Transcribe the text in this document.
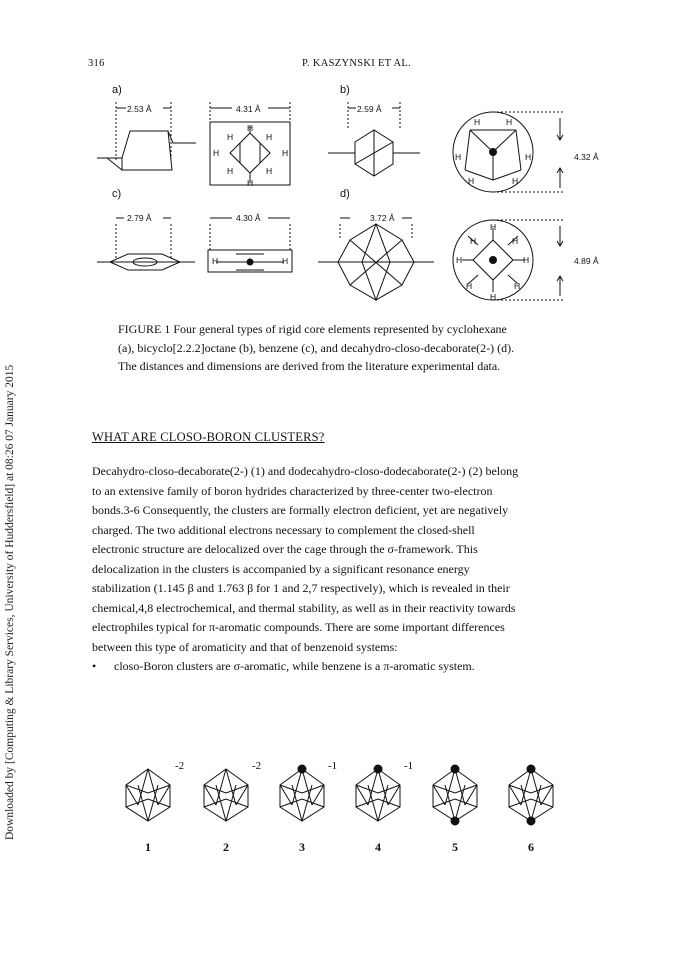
316	P. KASZYNSKI ET AL.
Downloaded by [Computing & Library Services, University of Huddersfield] at 08:26 07 January 2015
a)	b)
c)	d)
2.53 Å	4.31 Å	2.59 Å
4.32 Å
2.79 Å	4.30 Å	3.72 Å
4.89 Å
H
H	H
H	H
H	H
H
H	H
H	H
H	H
H	H
H
H	H
H	H
H	H
H
FIGURE 1 Four general types of rigid core elements represented by cyclohexane
(a), bicyclo[2.2.2]octane (b), benzene (c), and decahydro-closo-decaborate(2-) (d).
The distances and dimensions are derived from the literature experimental data.
WHAT ARE CLOSO-BORON CLUSTERS?

Decahydro-closo-decaborate(2-) (1) and dodecahydro-closo-dodecaborate(2-) (2) belong

to an extensive family of boron hydrides characterized by three-center two-electron

bonds.3-6 Consequently, the clusters are formally electron deficient, yet are negatively

charged. The two additional electrons necessary to complement the closed-shell

electronic structure are delocalized over the cage through the σ-framework. This

delocalization in the clusters is accompanied by a significant resonance energy

stabilization (1.145 β and 1.763 β for 1 and 2,7 respectively), which is revealed in their

chemical,4,8 electrochemical, and thermal stability, as well as in their reactivity towards

electrophiles typical for π-aromatic compounds. There are some important differences

between this type of aromaticity and that of benzenoid systems:

•	closo-Boron clusters are σ-aromatic, while benzene is a π-aromatic system.
-2	-2	-1	-1
1	2	3	4	5	6
